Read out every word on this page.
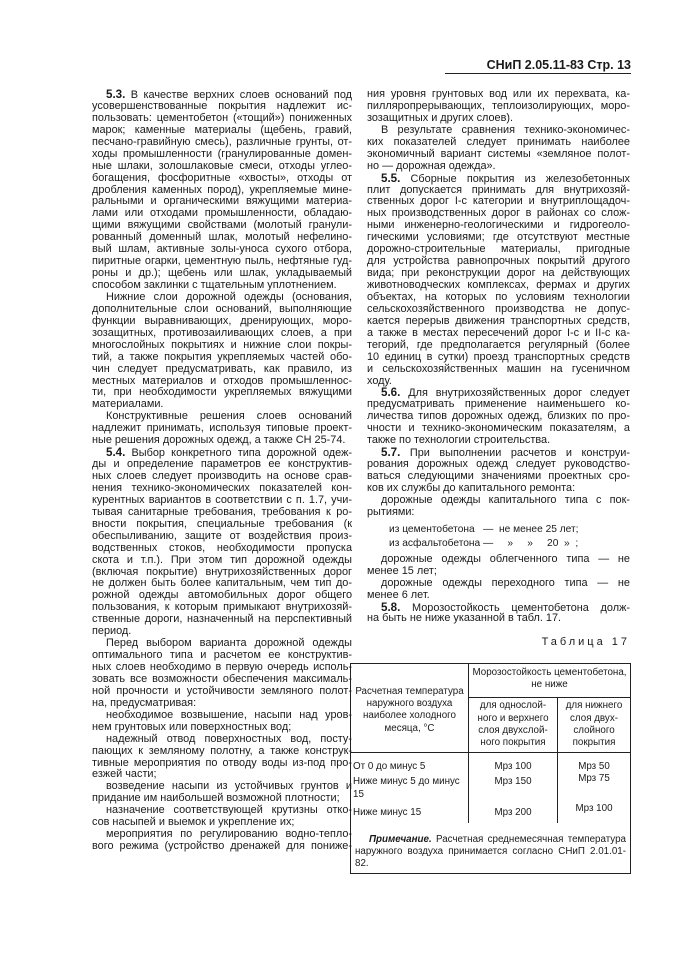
СНиП 2.05.11-83 Стр. 13
5.3. В качестве верхних слоев оснований под
усовершенствованные покрытия надлежит ис-
пользовать: цементобетон («тощий») пониженных
марок; каменные материалы (щебень, гравий,
песчано-гравийную смесь), различные грунты, от-
ходы промышленности (гранулированные домен-
ные шлаки, золошлаковые смеси, отходы углео-
богащения, фосфоритные «хвосты», отходы от
дробления каменных пород), укрепляемые мине-
ральными и органическими вяжущими материа-
лами или отходами промышленности, обладаю-
щими вяжущими свойствами (молотый гранули-
рованный доменный шлак, молотый нефелино-
вый шлам, активные золы-уноса сухого отбора,
пиритные огарки, цементную пыль, нефтяные гуд-
роны и др.); щебень или шлак, укладываемый
способом заклинки с тщательным уплотнением.
Нижние слои дорожной одежды (основания,
дополнительные слои оснований, выполняющие
функции выравнивающих, дренирующих, моро-
зозащитных, противозаиливающих слоев, а при
многослойных покрытиях и нижние слои покры-
тий, а также покрытия укрепляемых частей обо-
чин следует предусматривать, как правило, из
местных материалов и отходов промышленнос-
ти, при необходимости укрепляемых вяжущими
материалами.
Конструктивные решения слоев оснований
надлежит принимать, используя типовые проект-
ные решения дорожных одежд, а также СН 25-74.
5.4. Выбор конкретного типа дорожной одеж-
ды и определение параметров ее конструктив-
ных слоев следует производить на основе срав-
нения технико-экономических показателей кон-
курентных вариантов в соответствии с п. 1.7, учи-
тывая санитарные требования, требования к ро-
вности покрытия, специальные требования (к
обеспыливанию, защите от воздействия произ-
водственных стоков, необходимости пропуска
скота и т.п.). При этом тип дорожной одежды
(включая покрытие) внутрихозяйственных дорог
не должен быть более капитальным, чем тип до-
рожной одежды автомобильных дорог общего
пользования, к которым примыкают внутрихозяй-
ственные дороги, назначенный на перспективный
период.
Перед выбором варианта дорожной одежды
оптимального типа и расчетом ее конструктив-
ных слоев необходимо в первую очередь исполь-
зовать все возможности обеспечения максималь-
ной прочности и устойчивости земляного полот-
на, предусматривая:
необходимое возвышение, насыпи над уров-
нем грунтовых или поверхностных вод;
надежный отвод поверхностных вод, посту-
пающих к земляному полотну, а также конструк-
тивные мероприятия по отводу воды из-под про-
езжей части;
возведение насыпи из устойчивых грунтов и
придание им наибольшей возможной плотности;
назначение соответствующей крутизны отко-
сов насыпей и выемок и укрепление их;
мероприятия по регулированию водно-тепло-
вого режима (устройство дренажей для пониже-
ния уровня грунтовых вод или их перехвата, ка-
пилляропрерывающих, теплоизолирующих, моро-
зозащитных и других слоев).
В результате сравнения технико-экономичес-
ких показателей следует принимать наиболее
экономичный вариант системы «земляное полот-
но — дорожная одежда».
5.5. Сборные покрытия из железобетонных
плит допускается принимать для внутрихозяй-
ственных дорог I-с категории и внутриплощадоч-
ных производственных дорог в районах со слож-
ными инженерно-геологическими и гидрогеоло-
гическими условиями; где отсутствуют местные
дорожно-строительные материалы, пригодные
для устройства равнопрочных покрытий другого
вида; при реконструкции дорог на действующих
животноводческих комплексах, фермах и других
объектах, на которых по условиям технологии
сельскохозяйственного производства не допус-
кается перерыв движения транспортных средств,
а также в местах пересечений дорог I-с и II-с ка-
тегорий, где предполагается регулярный (более
10 единиц в сутки) проезд транспортных средств
и сельскохозяйственных машин на гусеничном
ходу.
5.6. Для внутрихозяйственных дорог следует
предусматривать применение наименьшего ко-
личества типов дорожных одежд, близких по про-
чности и технико-экономическим показателям, а
также по технологии строительства.
5.7. При выполнении расчетов и конструи-
рования дорожных одежд следует руководство-
ваться следующими значениями проектных сро-
ков их службы до капитального ремонта:
дорожные одежды капитального типа с пок-
рытиями:
из цементобетона   —  не менее 25 лет;
из асфальтобетона —     »     »     20  »  ;
дорожные одежды облегченного типа — не
менее 15 лет;
дорожные одежды переходного типа — не
менее 6 лет.
5.8. Морозостойкость цементобетона долж-
на быть не ниже указанной в табл. 17.
Таблица 17
Расчетная температура наружного воздуха наиболее холодного месяца, °С	Морозостойкость цементобетона, не ниже	
	для однослой-ного и верхнего слоя двухслой-ного покрытия	для нижнего слоя двух-слойного покрытия
От 0 до минус 5	Мрз 100	Мрз 50
Ниже минус 5 до минус 15	Мрз 150	Мрз 75
Ниже минус 15	Мрз 200	Мрз 100
Примечание. Расчетная среднемесячная температура наружного воздуха принимается согласно СНиП 2.01.01-82.
